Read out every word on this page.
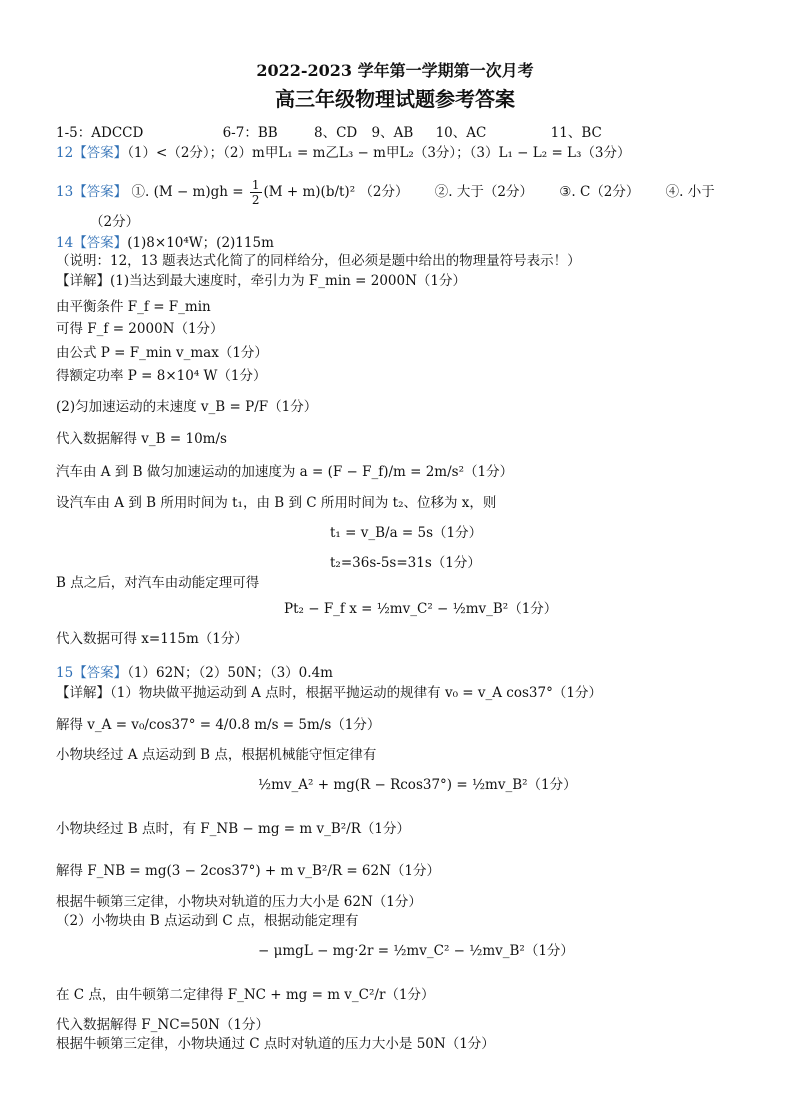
2022-2023 学年第一学期第一次月考
高三年级物理试题参考答案
1-5：ADCCD	6-7：BB	8、CD 9、AB 10、AC	11、BC
12【答案】（1）<（2分）；（2）m甲L₁ = m乙L₃ − m甲L₂（3分）；（3）L₁ − L₂ = L₃（3分）
13【答案】 ①. $(M - m)gh = \frac{1}{2} (M + m)(b/t)^2$ （2分） ②. 大于（2分） ③. C（2分） ④. 小于
（2分）
14【答案】(1)8×10⁴W；(2)115m
（说明：12，13 题表达式化简了的同样给分，但必须是题中给出的物理量符号表示！）
【详解】(1)当达到最大速度时，牵引力为 F_min = 2000N（1分）
由平衡条件 F_f = F_min
可得 F_f = 2000N（1分）
由公式 P = F_min v_max（1分）
得额定功率 P = 8×10⁴ W（1分）
(2)匀加速运动的末速度 v_B = P/F（1分）
代入数据解得 v_B = 10m/s
汽车由 A 到 B 做匀加速运动的加速度为 a = (F − F_f)/m = 2m/s²（1分）
设汽车由 A 到 B 所用时间为 t₁，由 B 到 C 所用时间为 t₂、位移为 x，则
t₁ = v_B/a = 5s（1分）
t₂=36s-5s=31s（1分）
B 点之后，对汽车由动能定理可得
Pt₂ − F_f x = ½mv_C² − ½mv_B²（1分）
代入数据可得 x=115m（1分）
15【答案】（1）62N；（2）50N；（3）0.4m
【详解】（1）物块做平抛运动到 A 点时，根据平抛运动的规律有 v₀ = v_A cos37°（1分）
解得 v_A = v₀/cos37° = 4/0.8 m/s = 5m/s（1分）
小物块经过 A 点运动到 B 点，根据机械能守恒定律有
½mv_A² + mg(R − Rcos37°) = ½mv_B²（1分）
小物块经过 B 点时，有 F_NB − mg = m v_B²/R（1分）
解得 F_NB = mg(3 − 2cos37°) + m v_B²/R = 62N（1分）
根据牛顿第三定律，小物块对轨道的压力大小是 62N（1分）
（2）小物块由 B 点运动到 C 点，根据动能定理有
− μmgL − mg·2r = ½mv_C² − ½mv_B²（1分）
在 C 点，由牛顿第二定律得 F_NC + mg = m v_C²/r（1分）
代入数据解得 F_NC=50N（1分）
根据牛顿第三定律，小物块通过 C 点时对轨道的压力大小是 50N（1分）
